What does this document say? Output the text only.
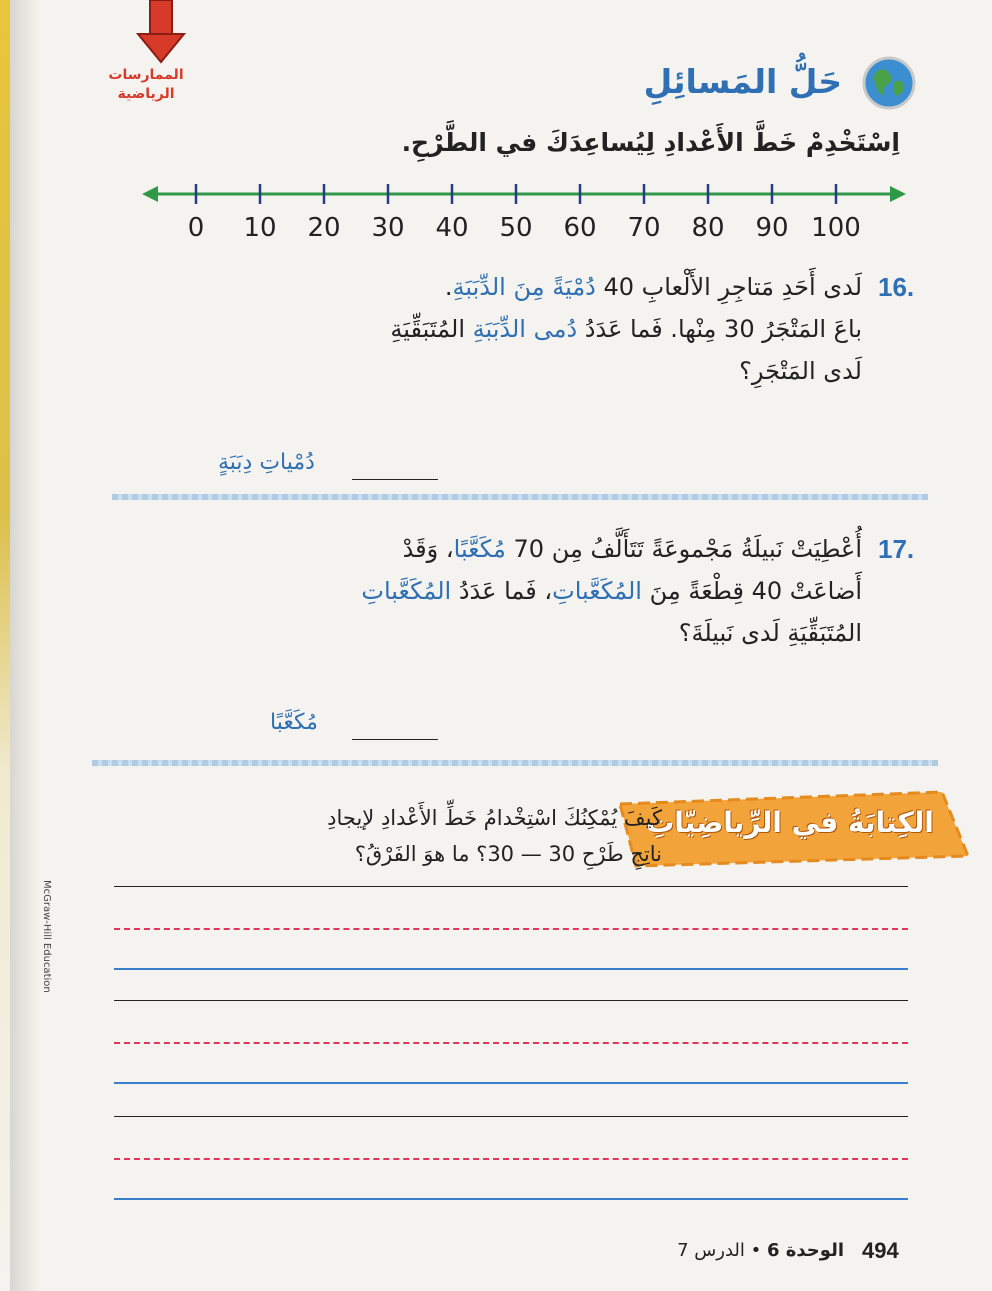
الممارسات
الرياضية	حَلُّ المَسائِلِ
اِسْتَخْدِمْ خَطَّ الأَعْدادِ لِيُساعِدَكَ في الطَّرْحِ.
0 10 20 30 40 50 60 70 80 90 100
16.
لَدى أَحَدِ مَتاجِرِ الأَلْعابِ 40 دُمْيَةً مِنَ الدِّبَبَةِ.
باعَ المَتْجَرُ 30 مِنْها. فَما عَدَدُ دُمى الدِّبَبَةِ المُتَبَقِّيَةِ
لَدى المَتْجَرِ؟
دُمْياتِ دِبَبَةٍ
17.
أُعْطِيَتْ نَبيلَةُ مَجْموعَةً تَتَأَلَّفُ مِن 70 مُكَعَّبًا، وَقَدْ
أَضاعَتْ 40 قِطْعَةً مِنَ المُكَعَّباتِ، فَما عَدَدُ المُكَعَّباتِ
المُتَبَقِّيَةِ لَدى نَبيلَةَ؟
مُكَعَّبًا
الكِتابَةُ في الرِّياضِيّاتِ
كَيفَ يُمْكِنُكَ اسْتِخْدامُ خَطِّ الأَعْدادِ لإيجادِ
ناتِجِ طَرْحِ 30 — 30؟ ما هوَ الفَرْقُ؟
494
الوحدة 6 • الدرس 7
McGraw-Hill Education
